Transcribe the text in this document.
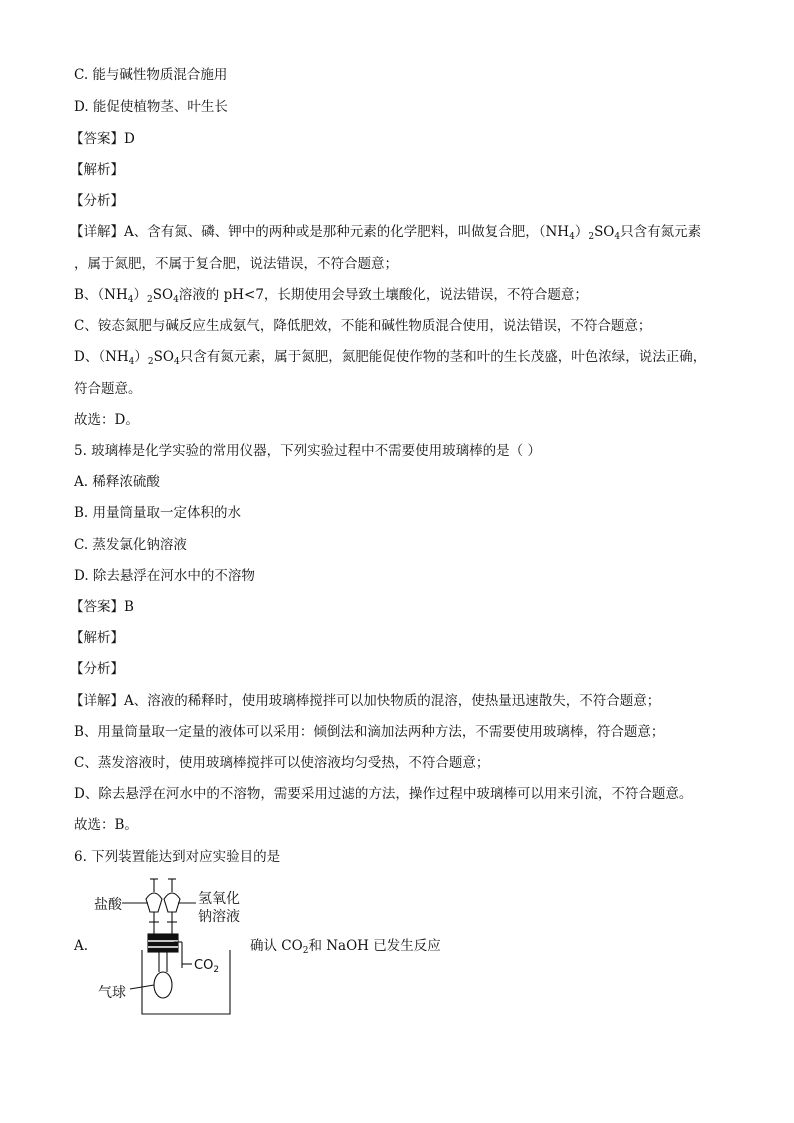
C. 能与碱性物质混合施用
D. 能促使植物茎、叶生长
【答案】D
【解析】
【分析】
【详解】A、含有氮、磷、钾中的两种或是那种元素的化学肥料，叫做复合肥，$(NH_4)_2SO_4$只含有氮元素
，属于氮肥，不属于复合肥，说法错误，不符合题意；
B、$(NH_4)_2SO_4$溶液的 pH<7，长期使用会导致土壤酸化，说法错误，不符合题意；
C、铵态氮肥与碱反应生成氨气，降低肥效，不能和碱性物质混合使用，说法错误，不符合题意；
D、$(NH_4)_2SO_4$只含有氮元素，属于氮肥，氮肥能促使作物的茎和叶的生长茂盛，叶色浓绿，说法正确，
符合题意。
故选：D。
5. 玻璃棒是化学实验的常用仪器，下列实验过程中不需要使用玻璃棒的是（ ）
A. 稀释浓硫酸
B. 用量筒量取一定体积的水
C. 蒸发氯化钠溶液
D. 除去悬浮在河水中的不溶物
【答案】B
【解析】
【分析】
【详解】A、溶液的稀释时，使用玻璃棒搅拌可以加快物质的混溶，使热量迅速散失，不符合题意；
B、用量筒量取一定量的液体可以采用：倾倒法和滴加法两种方法，不需要使用玻璃棒，符合题意；
C、蒸发溶液时，使用玻璃棒搅拌可以使溶液均匀受热，不符合题意；
D、除去悬浮在河水中的不溶物，需要采用过滤的方法，操作过程中玻璃棒可以用来引流，不符合题意。
故选：B。
6. 下列装置能达到对应实验目的是
A.	确认 $CO_2$和 NaOH 已发生反应
盐酸	氢氧化
钠溶液
$CO_2$
气球
